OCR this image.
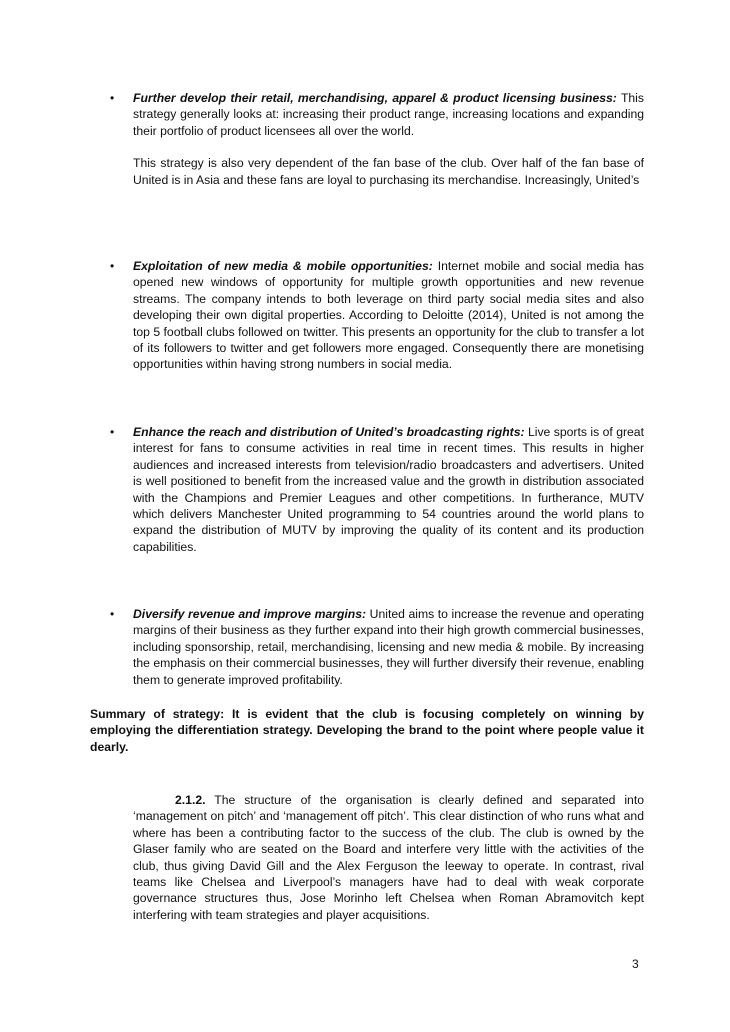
• Further develop their retail, merchandising, apparel & product licensing business: This strategy generally looks at: increasing their product range, increasing locations and expanding their portfolio of product licensees all over the world.

This strategy is also very dependent of the fan base of the club. Over half of the fan base of United is in Asia and these fans are loyal to purchasing its merchandise. Increasingly, United’s

• Exploitation of new media & mobile opportunities: Internet mobile and social media has opened new windows of opportunity for multiple growth opportunities and new revenue streams. The company intends to both leverage on third party social media sites and also developing their own digital properties. According to Deloitte (2014), United is not among the top 5 football clubs followed on twitter. This presents an opportunity for the club to transfer a lot of its followers to twitter and get followers more engaged. Consequently there are monetising opportunities within having strong numbers in social media.

• Enhance the reach and distribution of United’s broadcasting rights: Live sports is of great interest for fans to consume activities in real time in recent times. This results in higher audiences and increased interests from television/radio broadcasters and advertisers. United is well positioned to benefit from the increased value and the growth in distribution associated with the Champions and Premier Leagues and other competitions. In furtherance, MUTV which delivers Manchester United programming to 54 countries around the world plans to expand the distribution of MUTV by improving the quality of its content and its production capabilities.

• Diversify revenue and improve margins: United aims to increase the revenue and operating margins of their business as they further expand into their high growth commercial businesses, including sponsorship, retail, merchandising, licensing and new media & mobile. By increasing the emphasis on their commercial businesses, they will further diversify their revenue, enabling them to generate improved profitability.

Summary of strategy: It is evident that the club is focusing completely on winning by employing the differentiation strategy. Developing the brand to the point where people value it dearly.

2.1.2. The structure of the organisation is clearly defined and separated into ‘management on pitch’ and ‘management off pitch’. This clear distinction of who runs what and where has been a contributing factor to the success of the club. The club is owned by the Glaser family who are seated on the Board and interfere very little with the activities of the club, thus giving David Gill and the Alex Ferguson the leeway to operate. In contrast, rival teams like Chelsea and Liverpool’s managers have had to deal with weak corporate governance structures thus, Jose Morinho left Chelsea when Roman Abramovitch kept interfering with team strategies and player acquisitions.

3
